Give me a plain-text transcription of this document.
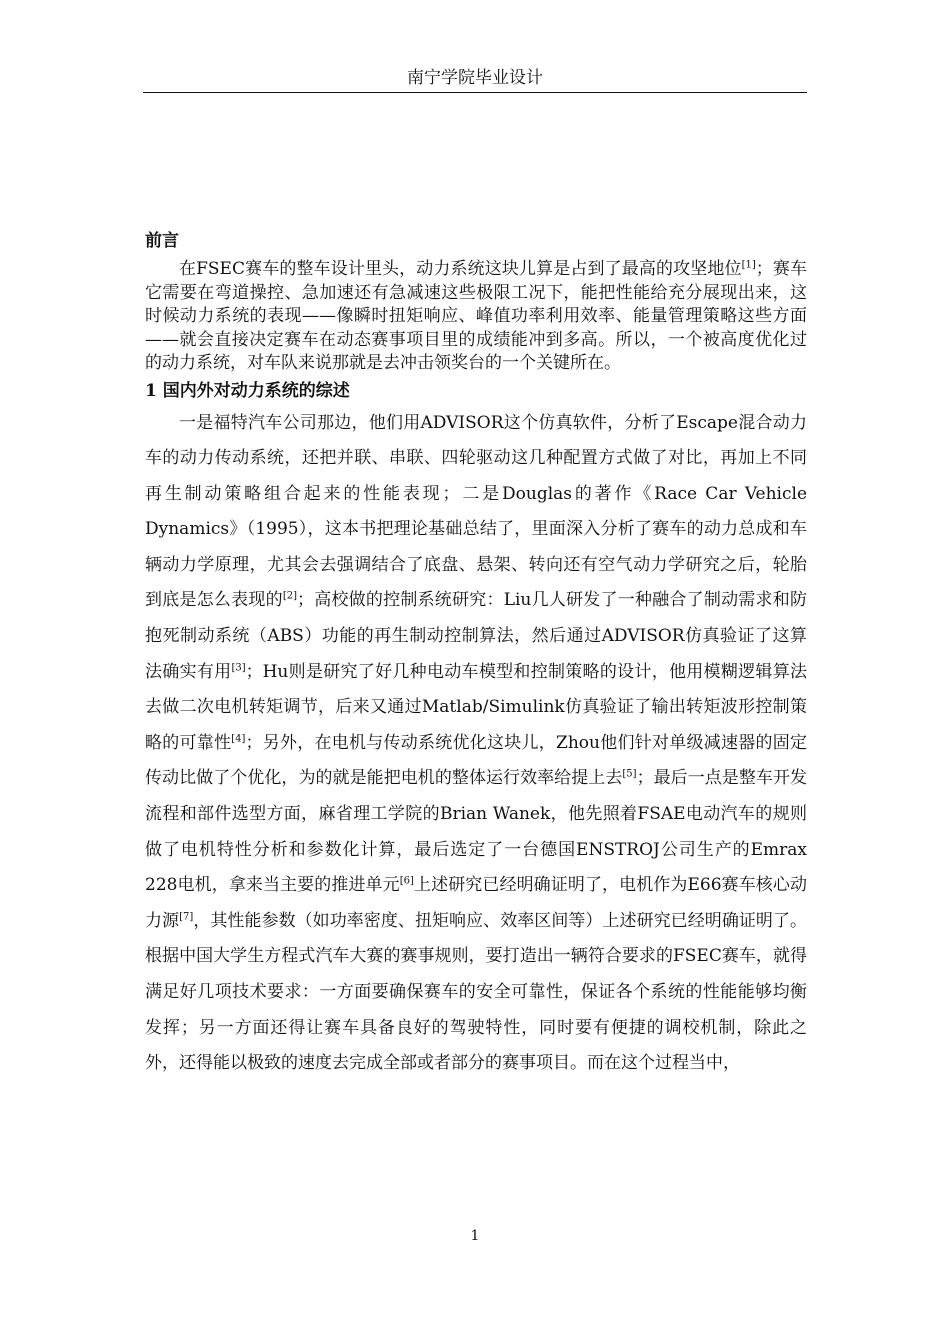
南宁学院毕业设计
前言

在FSEC赛车的整车设计里头，动力系统这块儿算是占到了最高的攻坚地位[1]；赛车它需要在弯道操控、急加速还有急减速这些极限工况下，能把性能给充分展现出来，这时候动力系统的表现——像瞬时扭矩响应、峰值功率利用效率、能量管理策略这些方面——就会直接决定赛车在动态赛事项目里的成绩能冲到多高。所以，一个被高度优化过的动力系统，对车队来说那就是去冲击领奖台的一个关键所在。

1 国内外对动力系统的综述

一是福特汽车公司那边，他们用ADVISOR这个仿真软件，分析了Escape混合动力车的动力传动系统，还把并联、串联、四轮驱动这几种配置方式做了对比，再加上不同再生制动策略组合起来的性能表现；二是Douglas的著作《Race Car Vehicle Dynamics》（1995），这本书把理论基础总结了，里面深入分析了赛车的动力总成和车辆动力学原理，尤其会去强调结合了底盘、悬架、转向还有空气动力学研究之后，轮胎到底是怎么表现的[2]；高校做的控制系统研究：Liu几人研发了一种融合了制动需求和防抱死制动系统（ABS）功能的再生制动控制算法，然后通过ADVISOR仿真验证了这算法确实有用[3]；Hu则是研究了好几种电动车模型和控制策略的设计，他用模糊逻辑算法去做二次电机转矩调节，后来又通过Matlab/Simulink仿真验证了输出转矩波形控制策略的可靠性[4]；另外，在电机与传动系统优化这块儿，Zhou他们针对单级减速器的固定传动比做了个优化，为的就是能把电机的整体运行效率给提上去[5]；最后一点是整车开发流程和部件选型方面，麻省理工学院的Brian Wanek，他先照着FSAE电动汽车的规则做了电机特性分析和参数化计算，最后选定了一台德国ENSTROJ公司生产的Emrax 228电机，拿来当主要的推进单元[6]上述研究已经明确证明了，电机作为E66赛车核心动力源[7]，其性能参数（如功率密度、扭矩响应、效率区间等）上述研究已经明确证明了。根据中国大学生方程式汽车大赛的赛事规则，要打造出一辆符合要求的FSEC赛车，就得满足好几项技术要求：一方面要确保赛车的安全可靠性，保证各个系统的性能能够均衡发挥；另一方面还得让赛车具备良好的驾驶特性，同时要有便捷的调校机制，除此之外，还得能以极致的速度去完成全部或者部分的赛事项目。而在这个过程当中，

1
